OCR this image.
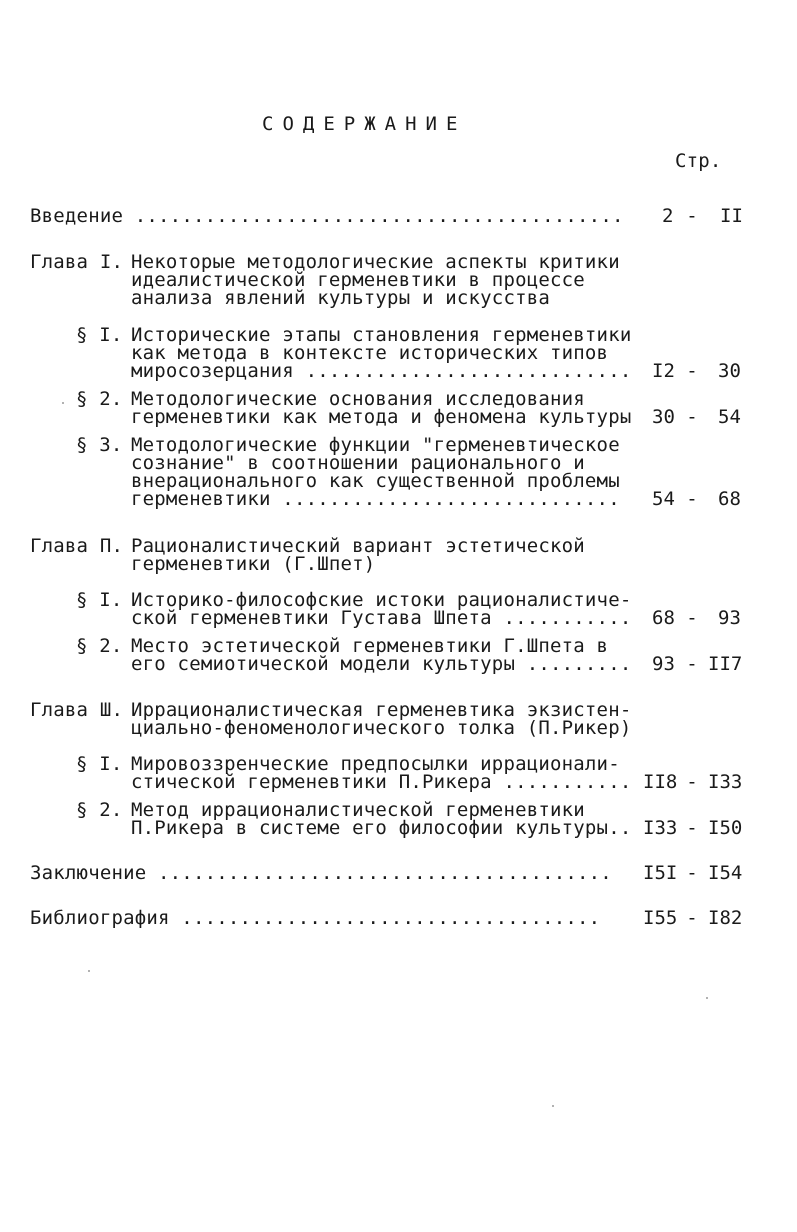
СОДЕРЖАНИЕ
Стр.
Введение .......................................... 2 - II
Глава I. Некоторые методологические аспекты критики
идеалистической герменевтики в процессе
анализа явлений культуры и искусства
§ I. Исторические этапы становления герменевтики
как метода в контексте исторических типов
миросозерцания ............................ I2 - 30
§ 2. Методологические основания исследования
герменевтики как метода и феномена культуры 30 - 54
§ 3. Методологические функции "герменевтическое
сознание" в соотношении рационального и
внерационального как существенной проблемы
герменевтики ............................. 54 - 68
Глава П. Рационалистический вариант эстетической
герменевтики (Г.Шпет)
§ I. Историко-философские истоки рационалистиче-
ской герменевтики Густава Шпета ........... 68 - 93
§ 2. Место эстетической герменевтики Г.Шпета в
его семиотической модели культуры ......... 93 - II7
Глава Ш. Иррационалистическая герменевтика экзистен-
циально-феноменологического толка (П.Рикер)
§ I. Мировоззренческие предпосылки иррационали-
стической герменевтики П.Рикера ........... II8 - I33
§ 2. Метод иррационалистической герменевтики
П.Рикера в системе его философии культуры.. I33 - I50
Заключение ....................................... I5I - I54
Библиография .................................... I55 - I82
